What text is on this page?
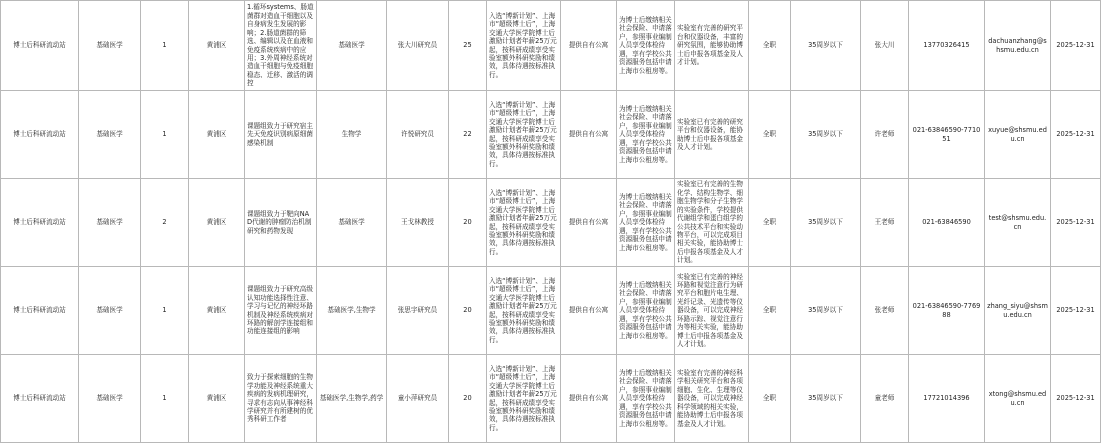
博士后科研流动站	基础医学	1	黄浦区	1.循环systems、肠道菌群对造血干细胞以及自身病发生发展的影响；2.肠道菌群的筛选、编辑以及在血液和免疫系统疾病中的应用；3.外周神经系统对造血干细胞与免疫细胞稳态、迁移、激活的调控	基础医学	张大川研究员	25	入选“博新计划”、上海市“超级博士后”，上海交通大学医学院博士后激励计划者年薪25万元起，按科研成绩享受实验室额外科研奖励和绩效，具体待遇按标准执行。	提供自有公寓	为博士后缴纳相关社会保险、申请落户，参照事业编制人员享受体检待遇，享有学校公共资源服务包括申请上海市公租房等。	实验室有完善的研究平台和仪器设备，丰富的研究氛围，能够协助博士后申报各项基金及人才计划。	全职	35周岁以下	张大川	13770326415	dachuanzhang@shsmu.edu.cn	2025-12-31
博士后科研流动站	基础医学	1	黄浦区	课题组致力于研究宿主先天免疫识别病原细菌感染机制	生物学	许悦研究员	22	入选“博新计划”、上海市“超级博士后”，上海交通大学医学院博士后激励计划者年薪25万元起，按科研成绩享受实验室额外科研奖励和绩效，具体待遇按标准执行。	提供自有公寓	为博士后缴纳相关社会保险、申请落户，参照事业编制人员享受体检待遇，享有学校公共资源服务包括申请上海市公租房等。	实验室已有完善的研究平台和仪器设备，能协助博士后申报各项基金及人才计划。	全职	35周岁以下	许老师	021-63846590-771051	xuyue@shsmu.edu.cn	2025-12-31
博士后科研流动站	基础医学	2	黄浦区	课题组致力于靶向NAD代谢的肿瘤防治机制研究和药物发现	基础医学	王戈林教授	20	入选“博新计划”、上海市“超级博士后”，上海交通大学医学院博士后激励计划者年薪25万元起，按科研成绩享受实验室额外科研奖励和绩效，具体待遇按标准执行。	提供自有公寓	为博士后缴纳相关社会保险、申请落户，参照事业编制人员享受体检待遇，享有学校公共资源服务包括申请上海市公租房等。	实验室已有完善的生物化学、结构生物学、细胞生物学和分子生物学的实验条件，学校提供代谢组学和蛋白组学的公共技术平台和实验动物平台，可以完成项目相关实验，能协助博士后申报各项基金及人才计划。	全职	35周岁以下	王老师	021-63846590	test@shsmu.edu.cn	2025-12-31
博士后科研流动站	基础医学	1	黄浦区	课题组致力于研究高级认知功能选择性注意、学习与记忆的神经环路机制及神经系统疾病对环路的解剖学连接组和功能连接组的影响	基础医学,生物学	张思宇研究员	20	入选“博新计划”、上海市“超级博士后”，上海交通大学医学院博士后激励计划者年薪25万元起，按科研成绩享受实验室额外科研奖励和绩效，具体待遇按标准执行。	提供自有公寓	为博士后缴纳相关社会保险、申请落户，参照事业编制人员享受体检待遇，享有学校公共资源服务包括申请上海市公租房等。	实验室已有完善的神经环路和视觉注意行为研究平台和胞片电生理、光纤记录、光遗传等仪器设备，可以完成神经环路示踪、视觉注意行为等相关实验，能协助博士后申报各项基金及人才计划。	全职	35周岁以下	张老师	021-63846590-776988	zhang_siyu@shsmu.edu.cn	2025-12-31
博士后科研流动站	基础医学	1	黄浦区	致力于探索细胞的生物学功能及神经系统重大疾病的发病机理研究，寻求有志向从事神经科学研究并有所建树的优秀科研工作者	基础医学,生物学,药学	童小萍研究员	20	入选“博新计划”、上海市“超级博士后”，上海交通大学医学院博士后激励计划者年薪25万元起，按科研成绩享受实验室额外科研奖励和绩效，具体待遇按标准执行。	提供自有公寓	为博士后缴纳相关社会保险、申请落户，参照事业编制人员享受体检待遇，享有学校公共资源服务包括申请上海市公租房等。	实验室有完善的神经科学相关研究平台和各项细胞、生化、生理等仪器设备，可以完成神经科学领域的相关实验，能协助博士后申报各项基金及人才计划。	全职	35周岁以下	童老师	17721014396	xtong@shsmu.edu.cn	2025-12-31
